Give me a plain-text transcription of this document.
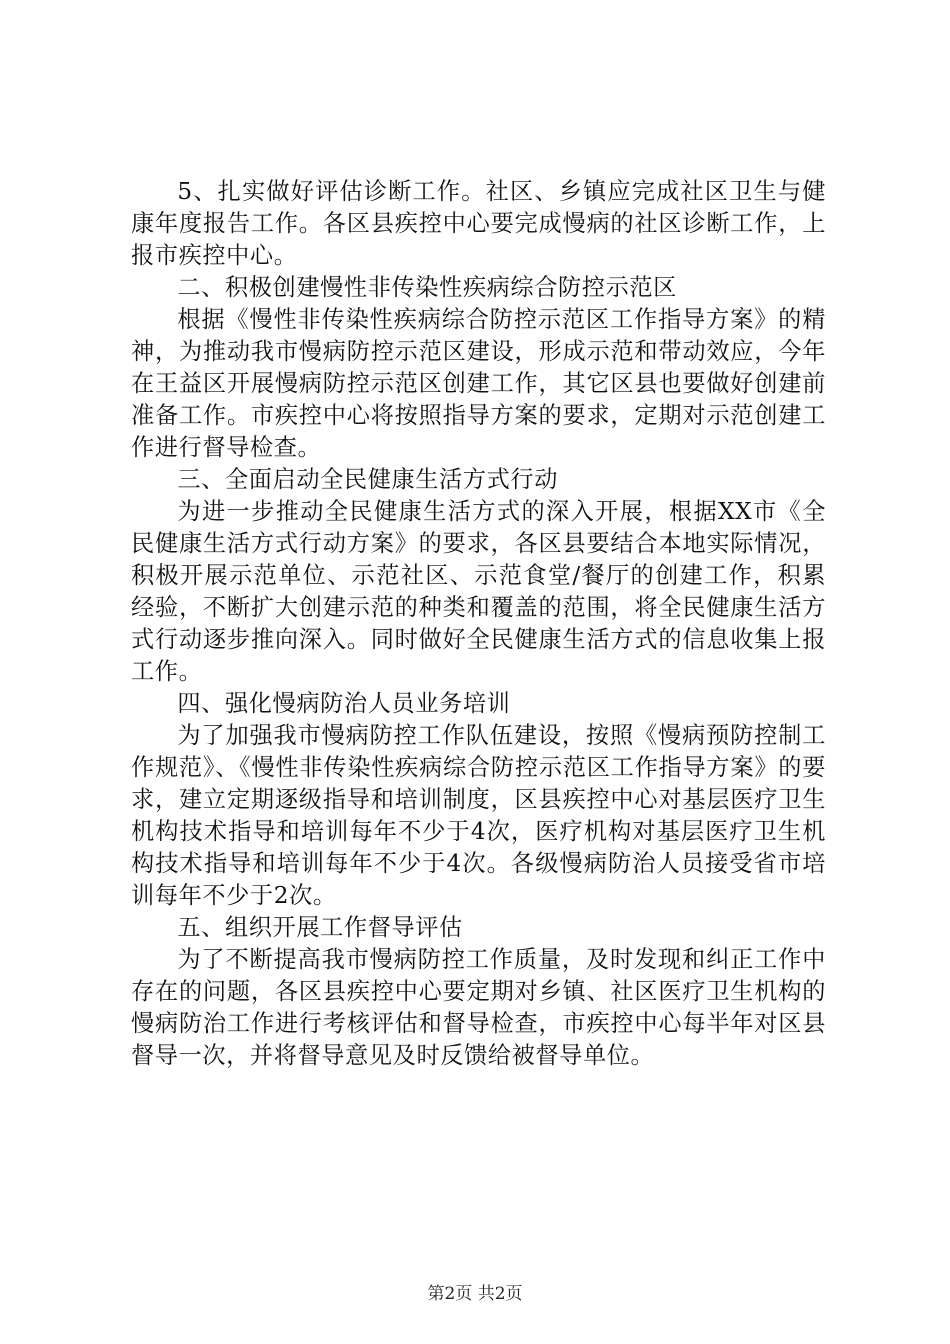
5、扎实做好评估诊断工作。社区、乡镇应完成社区卫生与健康年度报告工作。各区县疾控中心要完成慢病的社区诊断工作，上报市疾控中心。

二、积极创建慢性非传染性疾病综合防控示范区

根据《慢性非传染性疾病综合防控示范区工作指导方案》的精神，为推动我市慢病防控示范区建设，形成示范和带动效应，今年在王益区开展慢病防控示范区创建工作，其它区县也要做好创建前准备工作。市疾控中心将按照指导方案的要求，定期对示范创建工作进行督导检查。

三、全面启动全民健康生活方式行动

为进一步推动全民健康生活方式的深入开展，根据XX市《全民健康生活方式行动方案》的要求，各区县要结合本地实际情况，积极开展示范单位、示范社区、示范食堂/餐厅的创建工作，积累经验，不断扩大创建示范的种类和覆盖的范围，将全民健康生活方式行动逐步推向深入。同时做好全民健康生活方式的信息收集上报工作。

四、强化慢病防治人员业务培训

为了加强我市慢病防控工作队伍建设，按照《慢病预防控制工作规范》、《慢性非传染性疾病综合防控示范区工作指导方案》的要求，建立定期逐级指导和培训制度，区县疾控中心对基层医疗卫生机构技术指导和培训每年不少于4次，医疗机构对基层医疗卫生机构技术指导和培训每年不少于4次。各级慢病防治人员接受省市培训每年不少于2次。

五、组织开展工作督导评估

为了不断提高我市慢病防控工作质量，及时发现和纠正工作中存在的问题，各区县疾控中心要定期对乡镇、社区医疗卫生机构的慢病防治工作进行考核评估和督导检查，市疾控中心每半年对区县督导一次，并将督导意见及时反馈给被督导单位。

第2页 共2页
